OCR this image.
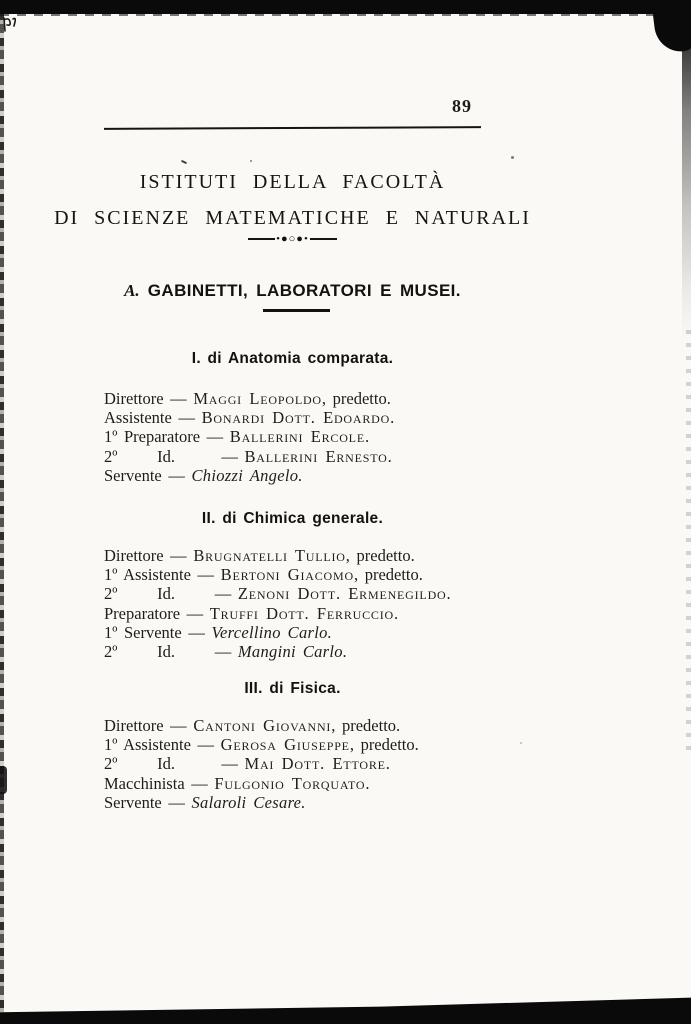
89
ISTITUTI DELLA FACOLTÀ
DI SCIENZE MATEMATICHE E NATURALI
•●○●•
A. GABINETTI, LABORATORI E MUSEI.
I. di Anatomia comparata.

Direttore — Maggi Leopoldo, predetto.

Assistente — Bonardi Dott. Edoardo.

1º Preparatore — Ballerini Ercole.

2º      Id.       — Ballerini Ernesto.

Servente — Chiozzi Angelo.

II. di Chimica generale.

Direttore — Brugnatelli Tullio, predetto.

1º Assistente — Bertoni Giacomo, predetto.

2º      Id.      — Zenoni Dott. Ermenegildo.

Preparatore — Truffi Dott. Ferruccio.

1º Servente — Vercellino Carlo.

2º      Id.      — Mangini Carlo.

III. di Fisica.

Direttore — Cantoni Giovanni, predetto.

1º Assistente — Gerosa Giuseppe, predetto.

2º      Id.       — Mai Dott. Ettore.

Macchinista — Fulgonio Torquato.

Servente — Salaroli Cesare.
